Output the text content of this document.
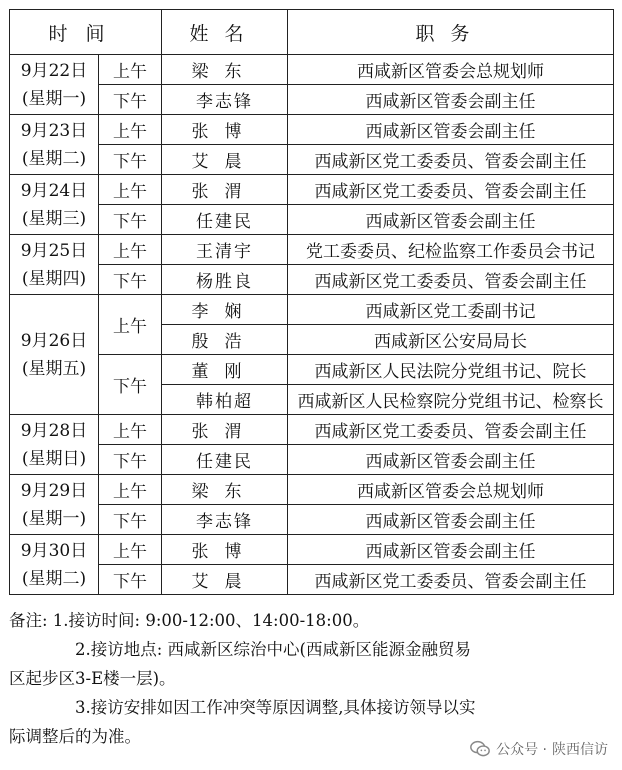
时间		姓名	职务

9月22日
(星期一)	上午	梁东	西咸新区管委会总规划师
	下午	李志锋	西咸新区管委会副主任

9月23日
(星期二)	上午	张博	西咸新区管委会副主任
	下午	艾晨	西咸新区党工委委员、管委会副主任

9月24日
(星期三)	上午	张渭	西咸新区党工委委员、管委会副主任
	下午	任建民	西咸新区管委会副主任

9月25日
(星期四)	上午	王清宇	党工委委员、纪检监察工作委员会书记
	下午	杨胜良	西咸新区党工委委员、管委会副主任

9月26日
(星期五)	上午	李娴	西咸新区党工委副书记
		殷浩	西咸新区公安局局长
	下午	董刚	西咸新区人民法院分党组书记、院长
		韩柏超	西咸新区人民检察院分党组书记、检察长

9月28日
(星期日)	上午	张渭	西咸新区党工委委员、管委会副主任
	下午	任建民	西咸新区管委会副主任

9月29日
(星期一)	上午	梁东	西咸新区管委会总规划师
	下午	李志锋	西咸新区管委会副主任

9月30日
(星期二)	上午	张博	西咸新区管委会副主任
	下午	艾晨	西咸新区党工委委员、管委会副主任

备注: 1.接访时间: 9:00-12:00、14:00-18:00。

2.接访地点: 西咸新区综治中心(西咸新区能源金融贸易

区起步区3-E楼一层)。

3.接访安排如因工作冲突等原因调整,具体接访领导以实

际调整后的为准。

公众号 · 陕西信访
